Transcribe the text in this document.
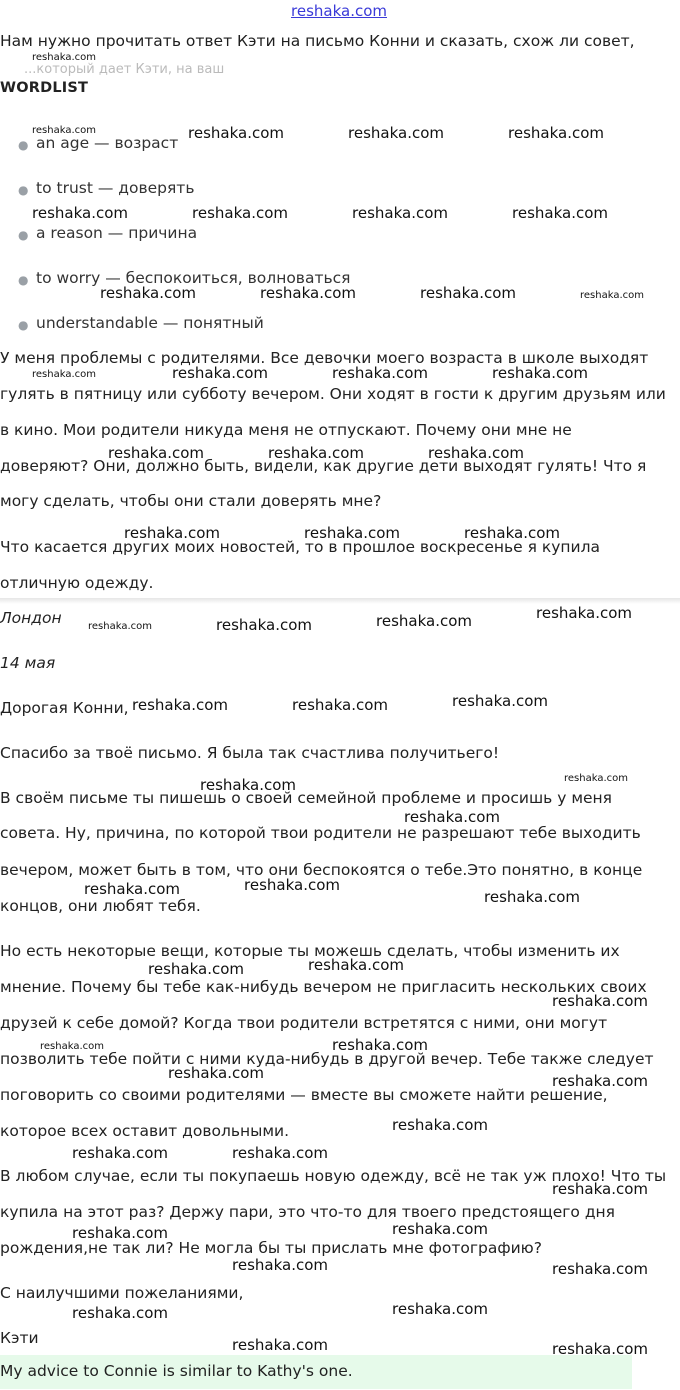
reshaka.com
Нам нужно прочитать ответ Кэти на письмо Конни и сказать, схож ли совет,
...который дает Кэти, на ваш
WORDLIST
● an age — возраст
● to trust — доверять
● a reason — причина
● to worry — беспокоиться, волноваться
● understandable — понятный
У меня проблемы с родителями. Все девочки моего возраста в школе выходят
гулять в пятницу или субботу вечером. Они ходят в гости к другим друзьям или
в кино. Мои родители никуда меня не отпускают. Почему они мне не
доверяют? Они, должно быть, видели, как другие дети выходят гулять! Что я
могу сделать, чтобы они стали доверять мне?
Что касается других моих новостей, то в прошлое воскресенье я купила
отличную одежду.
Лондон
14 мая
Дорогая Конни,
Спасибо за твоё письмо. Я была так счастлива получитьего!
В своём письме ты пишешь о своей семейной проблеме и просишь у меня
совета. Ну, причина, по которой твои родители не разрешают тебе выходить
вечером, может быть в том, что они беспокоятся о тебе.Это понятно, в конце
концов, они любят тебя.
Но есть некоторые вещи, которые ты можешь сделать, чтобы изменить их
мнение. Почему бы тебе как-нибудь вечером не пригласить нескольких своих
друзей к себе домой? Когда твои родители встретятся с ними, они могут
позволить тебе пойти с ними куда-нибудь в другой вечер. Тебе также следует
поговорить со своими родителями — вместе вы сможете найти решение,
которое всех оставит довольными.
В любом случае, если ты покупаешь новую одежду, всё не так уж плохо! Что ты
купила на этот раз? Держу пари, это что-то для твоего предстоящего дня
рождения,не так ли? Не могла бы ты прислать мне фотографию?
С наилучшими пожеланиями,
Кэти
My advice to Connie is similar to Kathy's one.
reshaka.com
reshaka.com	reshaka.com	reshaka.com	reshaka.com
reshaka.com	reshaka.com	reshaka.com	reshaka.com
reshaka.com	reshaka.com	reshaka.com	reshaka.com
reshaka.com	reshaka.com	reshaka.com	reshaka.com
reshaka.com	reshaka.com	reshaka.com
reshaka.com	reshaka.com	reshaka.com
reshaka.com
reshaka.com	reshaka.com	reshaka.com
reshaka.com	reshaka.com	reshaka.com
reshaka.com	reshaka.com
reshaka.com
reshaka.com	reshaka.com
reshaka.com
reshaka.com	reshaka.com
reshaka.com
reshaka.com	reshaka.com
reshaka.com	reshaka.com
reshaka.com
reshaka.com	reshaka.com
reshaka.com
reshaka.com
reshaka.com
reshaka.com	reshaka.com
reshaka.com
reshaka.com
reshaka.com	reshaka.com
